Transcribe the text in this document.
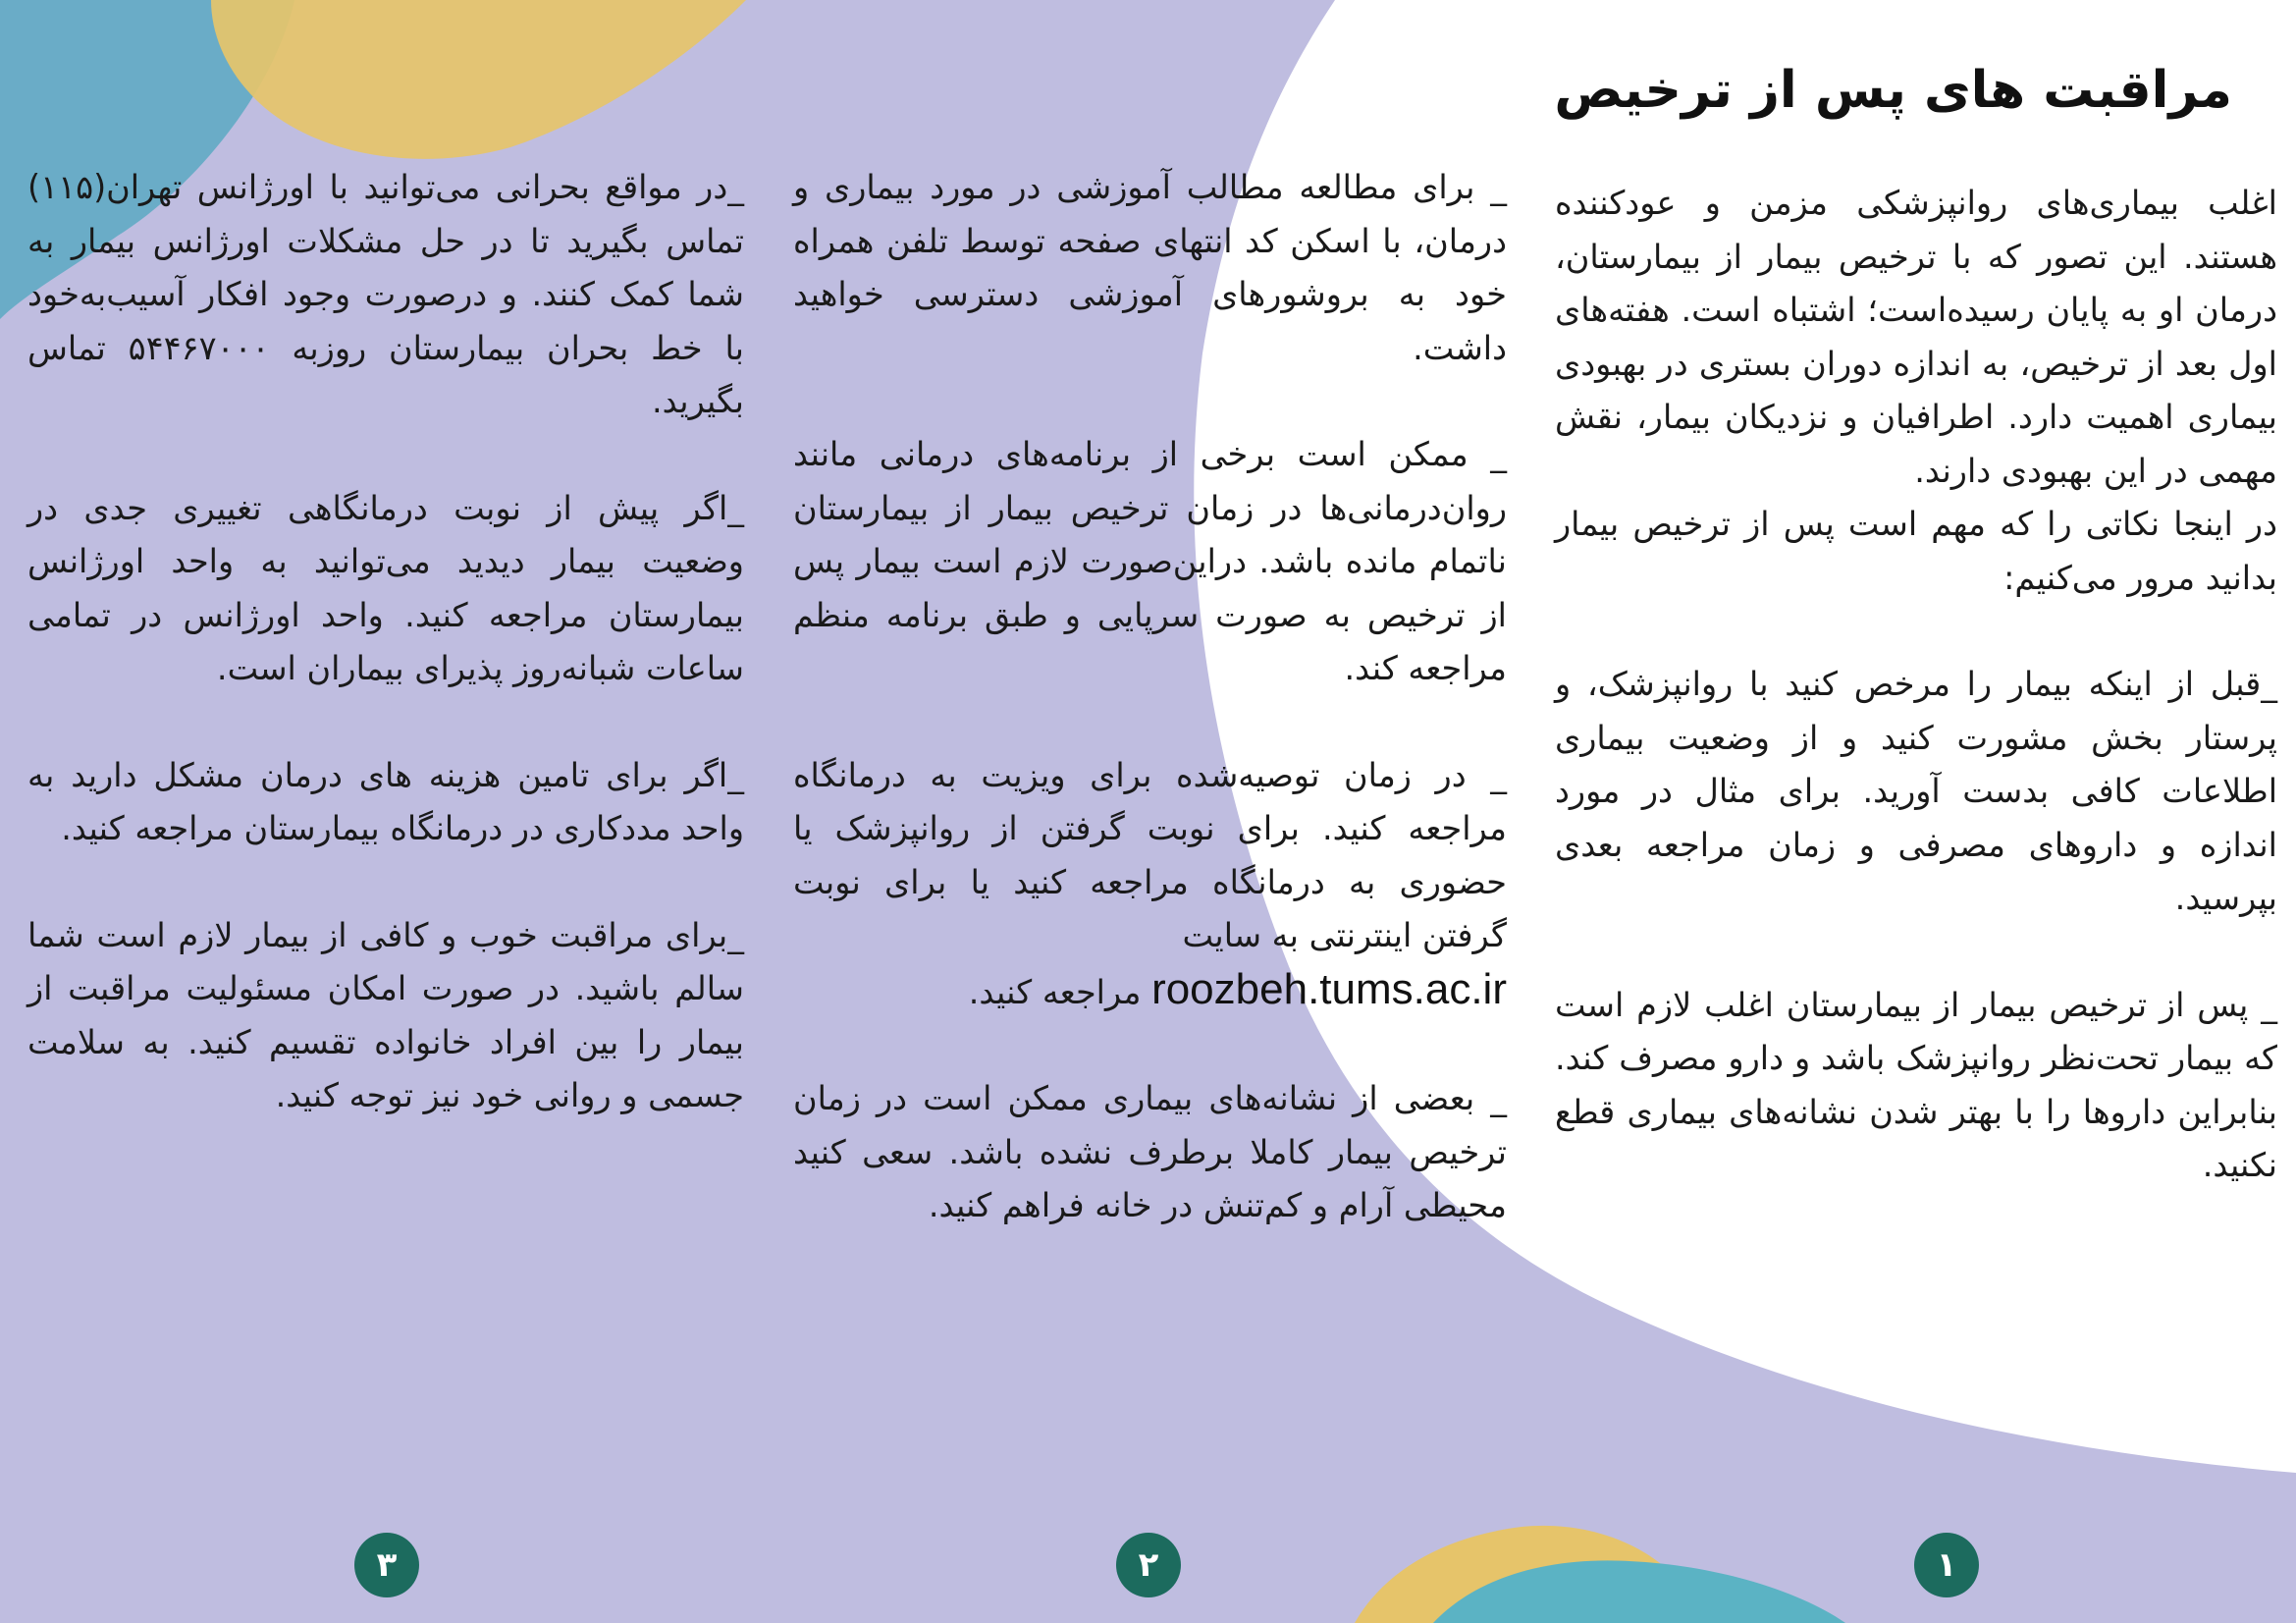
مراقبت های پس از ترخیص

اغلب بیماری‌های روانپزشکی مزمن و عودکننده هستند. این تصور که با ترخیص بیمار از بیمارستان، درمان او به پایان رسیده‌است؛ اشتباه است. هفته‌های اول بعد از ترخیص، به اندازه دوران بستری در بهبودی بیماری اهمیت دارد. اطرافیان و نزدیکان بیمار، نقش مهمی در این بهبودی دارند.

در اینجا نکاتی را که مهم است پس از ترخیص بیمار بدانید مرور می‌کنیم:

_قبل از اینکه بیمار را مرخص کنید با روانپزشک، و پرستار بخش مشورت کنید و از وضعیت بیماری اطلاعات کافی بدست آورید. برای مثال در مورد اندازه و داروهای مصرفی و زمان مراجعه بعدی بپرسید.

_ پس از ترخیص بیمار از بیمارستان اغلب لازم است که بیمار تحت‌نظر روانپزشک باشد و دارو مصرف کند. بنابراین داروها را با بهتر شدن نشانه‌های بیماری قطع نکنید.

_ برای مطالعه مطالب آموزشی در مورد بیماری و درمان، با اسکن کد انتهای صفحه توسط تلفن همراه خود به بروشورهای آموزشی دسترسی خواهید داشت.

_ ممکن است برخی از برنامه‌های درمانی مانند روان‌درمانی‌ها در زمان ترخیص بیمار از بیمارستان ناتمام مانده باشد. دراین‌صورت لازم است بیمار پس از ترخیص به صورت سرپایی و طبق برنامه منظم مراجعه کند.

_ در زمان توصیه‌شده برای ویزیت به درمانگاه مراجعه کنید. برای نوبت گرفتن از روانپزشک یا حضوری به درمانگاه مراجعه کنید یا برای نوبت گرفتن اینترنتی به سایت
roozbeh.tums.ac.ir مراجعه کنید.

_ بعضی از نشانه‌های بیماری ممکن است در زمان ترخیص بیمار کاملا برطرف نشده باشد. سعی کنید محیطی آرام و کم‌تنش در خانه فراهم کنید.

_در مواقع بحرانی می‌توانید با اورژانس تهران(۱۱۵) تماس بگیرید تا در حل مشکلات اورژانس بیمار به شما کمک کنند. و درصورت وجود افکار آسیب‌به‌خود با خط بحران بیمارستان روزبه ۵۴۴۶۷۰۰۰ تماس بگیرید.

_اگر پیش از نوبت درمانگاهی تغییری جدی در وضعیت بیمار دیدید می‌توانید به واحد اورژانس بیمارستان مراجعه کنید. واحد اورژانس در تمامی ساعات شبانه‌روز پذیرای بیماران است.

_اگر برای تامین هزینه های درمان مشکل دارید به واحد مددکاری در درمانگاه بیمارستان مراجعه کنید.

_برای مراقبت خوب و کافی از بیمار لازم است شما سالم باشید. در صورت امکان مسئولیت مراقبت از بیمار را بین افراد خانواده تقسیم کنید. به سلامت جسمی و روانی خود نیز توجه کنید.

۱
۲
۳
